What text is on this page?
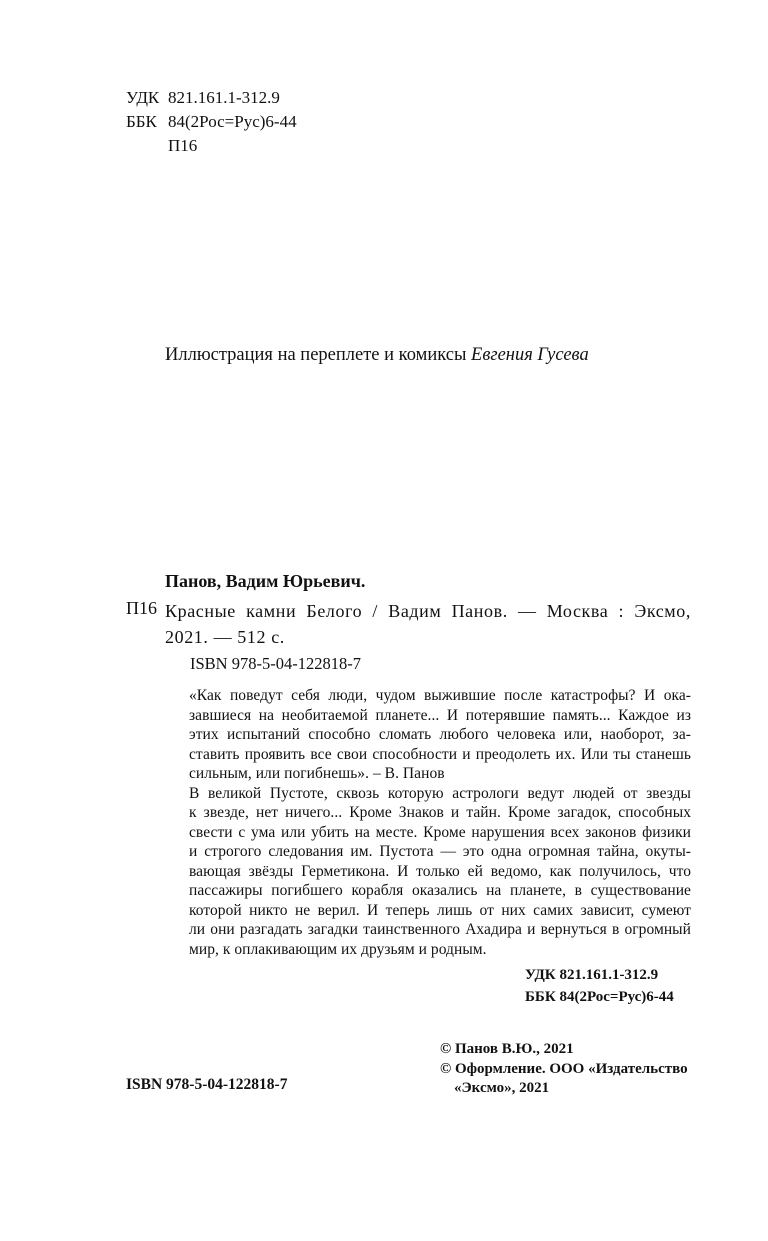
УДК 821.161.1-312.9
ББК 84(2Рос=Рус)6-44
П16
Иллюстрация на переплете и комиксы Евгения Гусева
Панов, Вадим Юрьевич.
П16 Красные камни Белого / Вадим Панов. — Москва : Эксмо, 2021. — 512 с.
ISBN 978-5-04-122818-7

«Как поведут себя люди, чудом выжившие после катастрофы? И ока-
завшиеся на необитаемой планете... И потерявшие память... Каждое из
этих испытаний способно сломать любого человека или, наоборот, за-
ставить проявить все свои способности и преодолеть их. Или ты станешь
сильным, или погибнешь». – В. Панов

В великой Пустоте, сквозь которую астрологи ведут людей от звезды
к звезде, нет ничего... Кроме Знаков и тайн. Кроме загадок, способных
свести с ума или убить на месте. Кроме нарушения всех законов физики
и строгого следования им. Пустота — это одна огромная тайна, окуты-
вающая звёзды Герметикона. И только ей ведомо, как получилось, что
пассажиры погибшего корабля оказались на планете, в существование
которой никто не верил. И теперь лишь от них самих зависит, сумеют
ли они разгадать загадки таинственного Ахадира и вернуться в огромный
мир, к оплакивающим их друзьям и родным.

УДК 821.161.1-312.9
ББК 84(2Рос=Рус)6-44
© Панов В.Ю., 2021
© Оформление. ООО «Издательство
«Эксмо», 2021
ISBN 978-5-04-122818-7
